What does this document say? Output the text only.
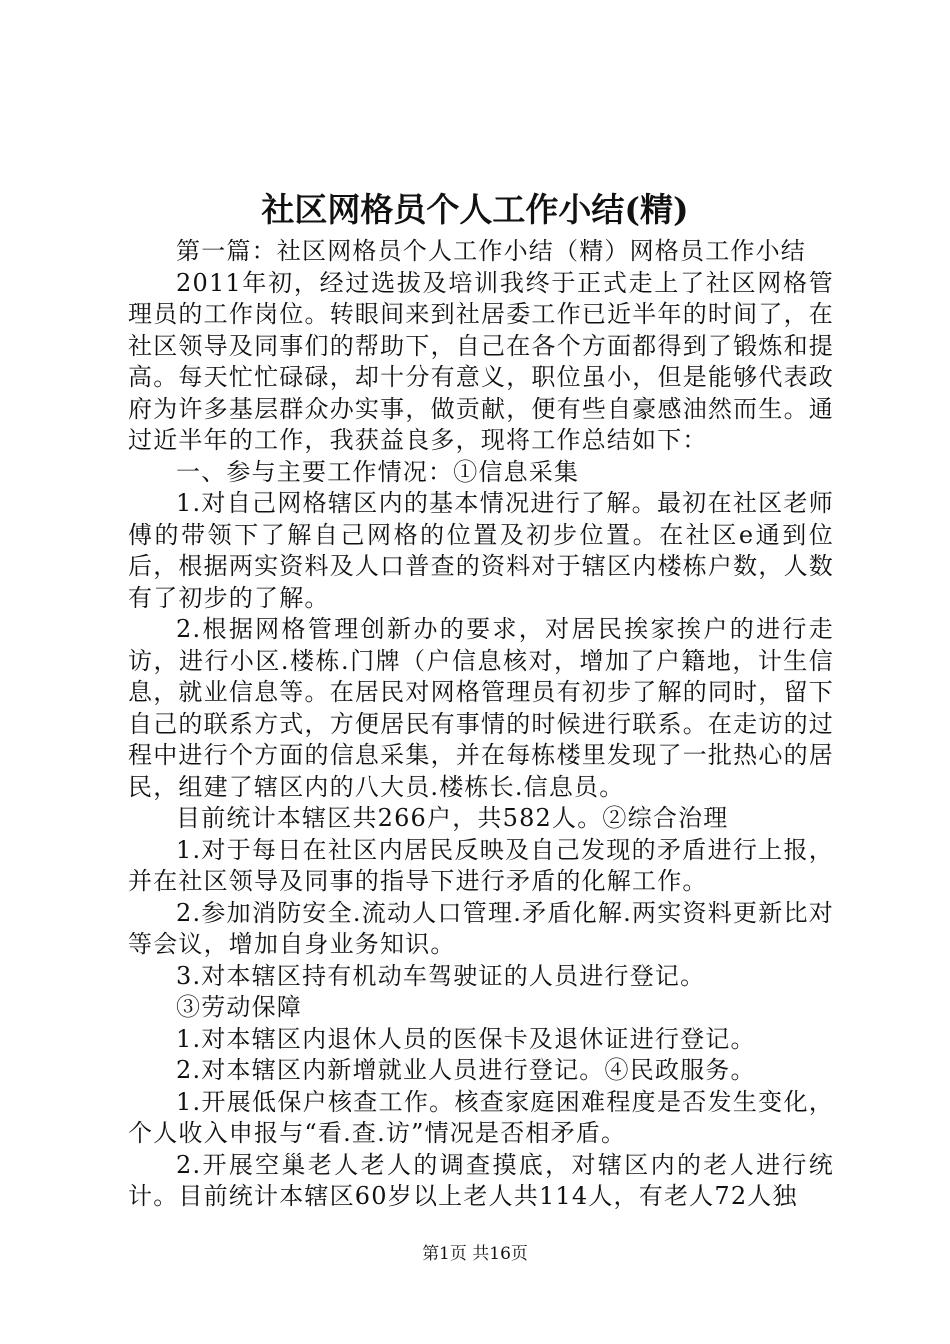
社区网格员个人工作小结(精)

第一篇：社区网格员个人工作小结（精）网格员工作小结

2011年初，经过选拔及培训我终于正式走上了社区网格管理员的工作岗位。转眼间来到社居委工作已近半年的时间了，在社区领导及同事们的帮助下，自己在各个方面都得到了锻炼和提高。每天忙忙碌碌，却十分有意义，职位虽小，但是能够代表政府为许多基层群众办实事，做贡献，便有些自豪感油然而生。通过近半年的工作，我获益良多，现将工作总结如下：

一、参与主要工作情况：①信息采集

1.对自己网格辖区内的基本情况进行了解。最初在社区老师傅的带领下了解自己网格的位置及初步位置。在社区e通到位后，根据两实资料及人口普查的资料对于辖区内楼栋户数，人数有了初步的了解。

2.根据网格管理创新办的要求，对居民挨家挨户的进行走访，进行小区.楼栋.门牌（户信息核对，增加了户籍地，计生信息，就业信息等。在居民对网格管理员有初步了解的同时，留下自己的联系方式，方便居民有事情的时候进行联系。在走访的过程中进行个方面的信息采集，并在每栋楼里发现了一批热心的居民，组建了辖区内的八大员.楼栋长.信息员。

目前统计本辖区共266户，共582人。②综合治理

1.对于每日在社区内居民反映及自己发现的矛盾进行上报，并在社区领导及同事的指导下进行矛盾的化解工作。

2.参加消防安全.流动人口管理.矛盾化解.两实资料更新比对等会议，增加自身业务知识。

3.对本辖区持有机动车驾驶证的人员进行登记。

③劳动保障

1.对本辖区内退休人员的医保卡及退休证进行登记。

2.对本辖区内新增就业人员进行登记。④民政服务。

1.开展低保户核查工作。核查家庭困难程度是否发生变化，个人收入申报与“看.查.访”情况是否相矛盾。

2.开展空巢老人老人的调查摸底，对辖区内的老人进行统计。目前统计本辖区60岁以上老人共114人，有老人72人独

第1页 共16页
